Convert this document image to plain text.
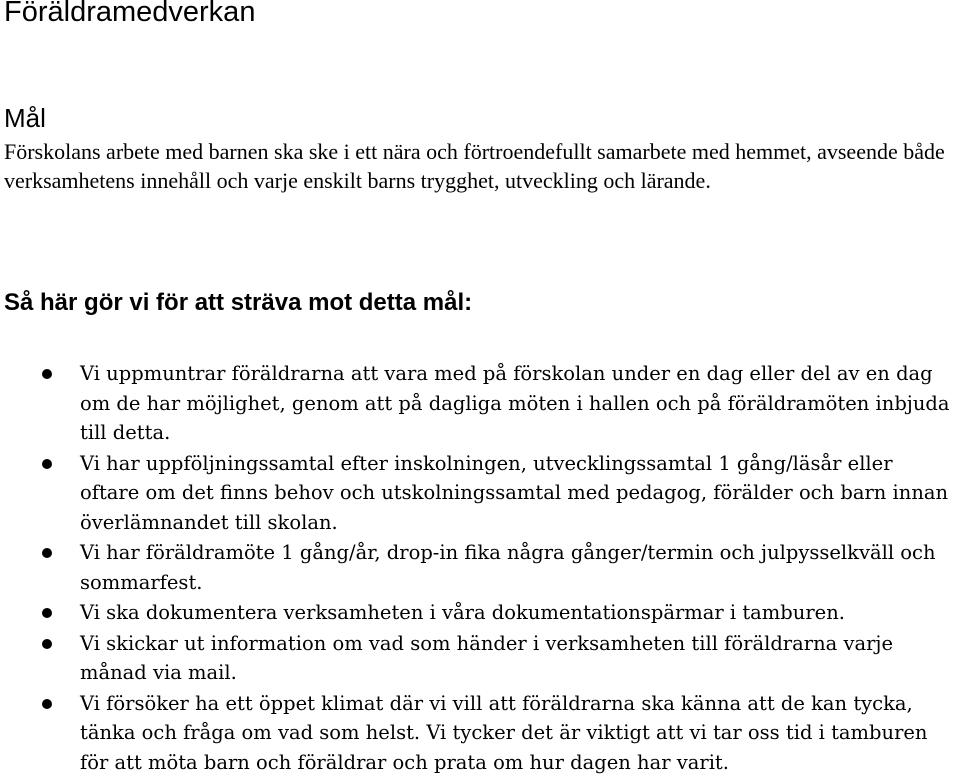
Föräldramedverkan
Mål

Förskolans arbete med barnen ska ske i ett nära och förtroendefullt samarbete med hemmet, avseende både verksamhetens innehåll och varje enskilt barns trygghet, utveckling och lärande.

Så här gör vi för att sträva mot detta mål:
Vi uppmuntrar föräldrarna att vara med på förskolan under en dag eller del av en dag om de har möjlighet, genom att på dagliga möten i hallen och på föräldramöten inbjuda till detta.
Vi har uppföljningssamtal efter inskolningen, utvecklingssamtal 1 gång/läsår eller oftare om det finns behov och utskolningssamtal med pedagog, förälder och barn innan överlämnandet till skolan.
Vi har föräldramöte 1 gång/år, drop-in fika några gånger/termin och julpysselkväll och sommarfest.
Vi ska dokumentera verksamheten i våra dokumentationspärmar i tamburen.
Vi skickar ut information om vad som händer i verksamheten till föräldrarna varje månad via mail.
Vi försöker ha ett öppet klimat där vi vill att föräldrarna ska känna att de kan tycka, tänka och fråga om vad som helst. Vi tycker det är viktigt att vi tar oss tid i tamburen för att möta barn och föräldrar och prata om hur dagen har varit.
